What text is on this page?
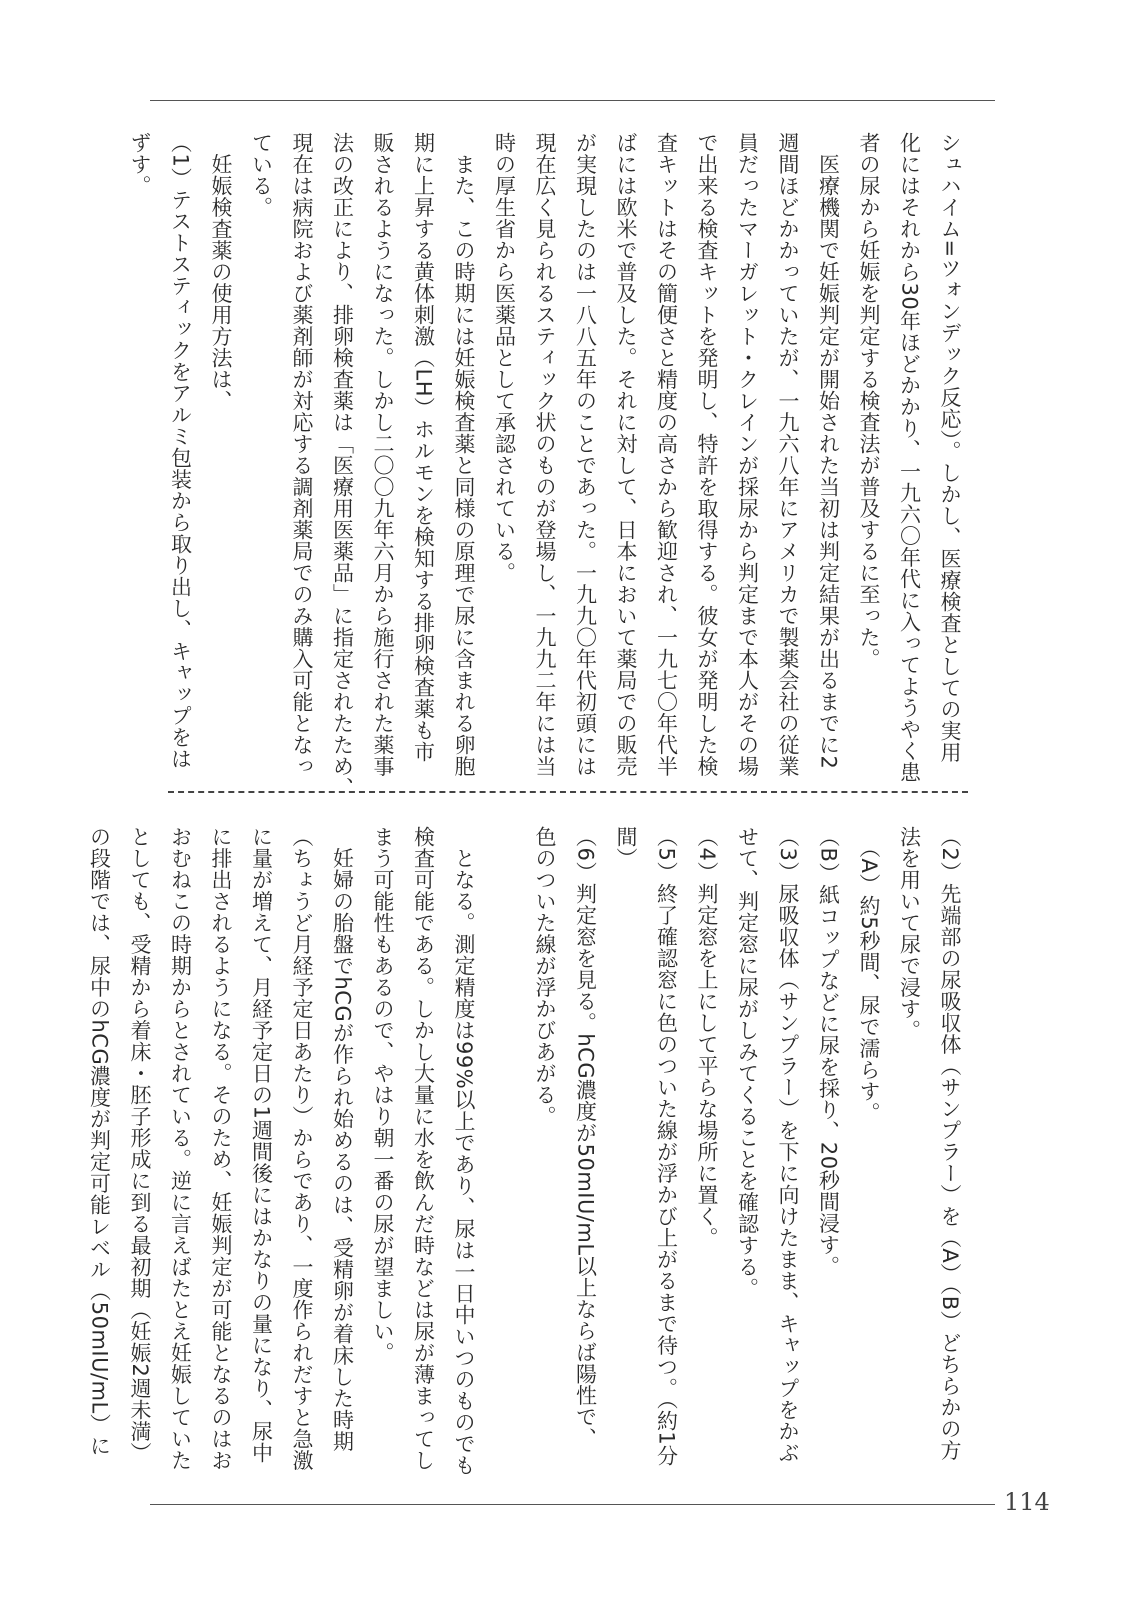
シュハイム=ツォンデック反応）。しかし、医療検査としての実用
化にはそれから30年ほどかかり、一九六〇年代に入ってようやく患
者の尿から妊娠を判定する検査法が普及するに至った。
　医療機関で妊娠判定が開始された当初は判定結果が出るまでに2
週間ほどかかっていたが、一九六八年にアメリカで製薬会社の従業
員だったマーガレット・クレインが採尿から判定まで本人がその場
で出来る検査キットを発明し、特許を取得する。彼女が発明した検
査キットはその簡便さと精度の高さから歓迎され、一九七〇年代半
ばには欧米で普及した。それに対して、日本において薬局での販売
が実現したのは一八八五年のことであった。一九九〇年代初頭には
現在広く見られるスティック状のものが登場し、一九九二年には当
時の厚生省から医薬品として承認されている。
　また、この時期には妊娠検査薬と同様の原理で尿に含まれる卵胞
期に上昇する黄体刺激（LH）ホルモンを検知する排卵検査薬も市
販されるようになった。しかし二〇〇九年六月から施行された薬事
法の改正により、排卵検査薬は「医療用医薬品」に指定されたため、
現在は病院および薬剤師が対応する調剤薬局でのみ購入可能となっ
ている。
　妊娠検査薬の使用方法は、
（1）テストスティックをアルミ包装から取り出し、キャップをは
ずす。
（2）先端部の尿吸収体（サンプラー）を（A）（B）どちらかの方
法を用いて尿で浸す。
　（A）約5秒間、尿で濡らす。
（B）紙コップなどに尿を採り、20秒間浸す。
（3）尿吸収体（サンプラー）を下に向けたまま、キャップをかぶ
せて、判定窓に尿がしみてくることを確認する。
（4）判定窓を上にして平らな場所に置く。
（5）終了確認窓に色のついた線が浮かび上がるまで待つ。（約1分
間）
（6）判定窓を見る。hCG濃度が50mIU/mL以上ならば陽性で、
色のついた線が浮かびあがる。

　となる。測定精度は99%以上であり、尿は一日中いつのものでも
検査可能である。しかし大量に水を飲んだ時などは尿が薄まってし
まう可能性もあるので、やはり朝一番の尿が望ましい。
　妊婦の胎盤でhCGが作られ始めるのは、受精卵が着床した時期
（ちょうど月経予定日あたり）からであり、一度作られだすと急激
に量が増えて、月経予定日の1週間後にはかなりの量になり、尿中
に排出されるようになる。そのため、妊娠判定が可能となるのはお
おむねこの時期からとされている。逆に言えばたとえ妊娠していた
としても、受精から着床・胚子形成に到る最初期（妊娠2週未満）
の段階では、尿中のhCG濃度が判定可能レベル（50mIU/mL）に
114
